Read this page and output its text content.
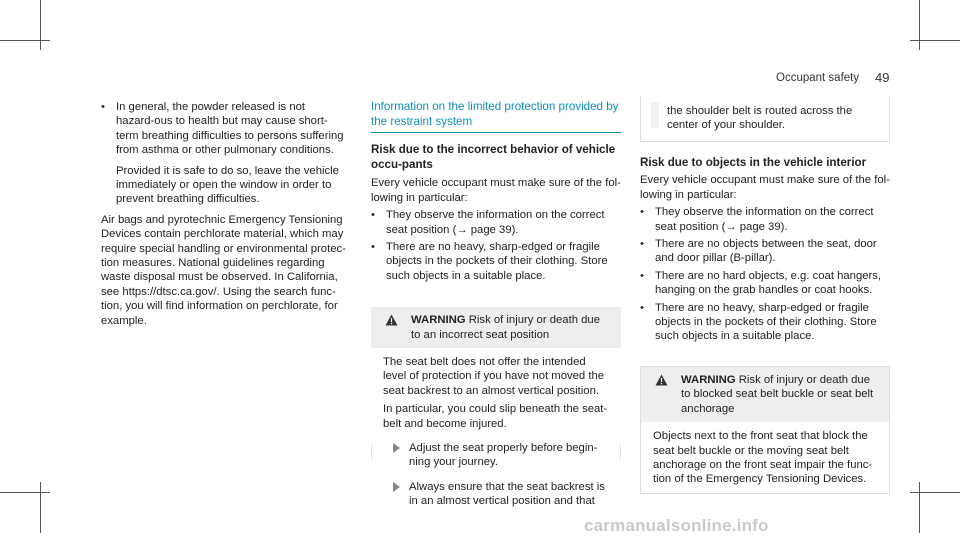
Occupant safety 49

• In general, the powder released is not hazard-ous to health but may cause short-term breathing difficulties to persons suffering from asthma or other pulmonary conditions.

Provided it is safe to do so, leave the vehicle immediately or open the window in order to prevent breathing difficulties.

Air bags and pyrotechnic Emergency Tensioning Devices contain perchlorate material, which may require special handling or environmental protec-tion measures. National guidelines regarding waste disposal must be observed. In California, see https://dtsc.ca.gov/. Using the search func-tion, you will find information on perchlorate, for example.

Information on the limited protection provided by the restraint system

Risk due to the incorrect behavior of vehicle occu-pants

Every vehicle occupant must make sure of the fol-lowing in particular:

• They observe the information on the correct seat position (→ page 39).

• There are no heavy, sharp-edged or fragile objects in the pockets of their clothing. Store such objects in a suitable place.

WARNING Risk of injury or death due to an incorrect seat position

The seat belt does not offer the intended level of protection if you have not moved the seat backrest to an almost vertical position.

In particular, you could slip beneath the seat-belt and become injured.

Adjust the seat properly before begin-ning your journey.

Always ensure that the seat backrest is in an almost vertical position and that

the shoulder belt is routed across the center of your shoulder.

Risk due to objects in the vehicle interior

Every vehicle occupant must make sure of the fol-lowing in particular:

• They observe the information on the correct seat position (→ page 39).

• There are no objects between the seat, door and door pillar (B-pillar).

• There are no hard objects, e.g. coat hangers, hanging on the grab handles or coat hooks.

• There are no heavy, sharp-edged or fragile objects in the pockets of their clothing. Store such objects in a suitable place.

WARNING Risk of injury or death due to blocked seat belt buckle or seat belt anchorage

Objects next to the front seat that block the seat belt buckle or the moving seat belt anchorage on the front seat impair the func-tion of the Emergency Tensioning Devices.

carmanualsonline.info
